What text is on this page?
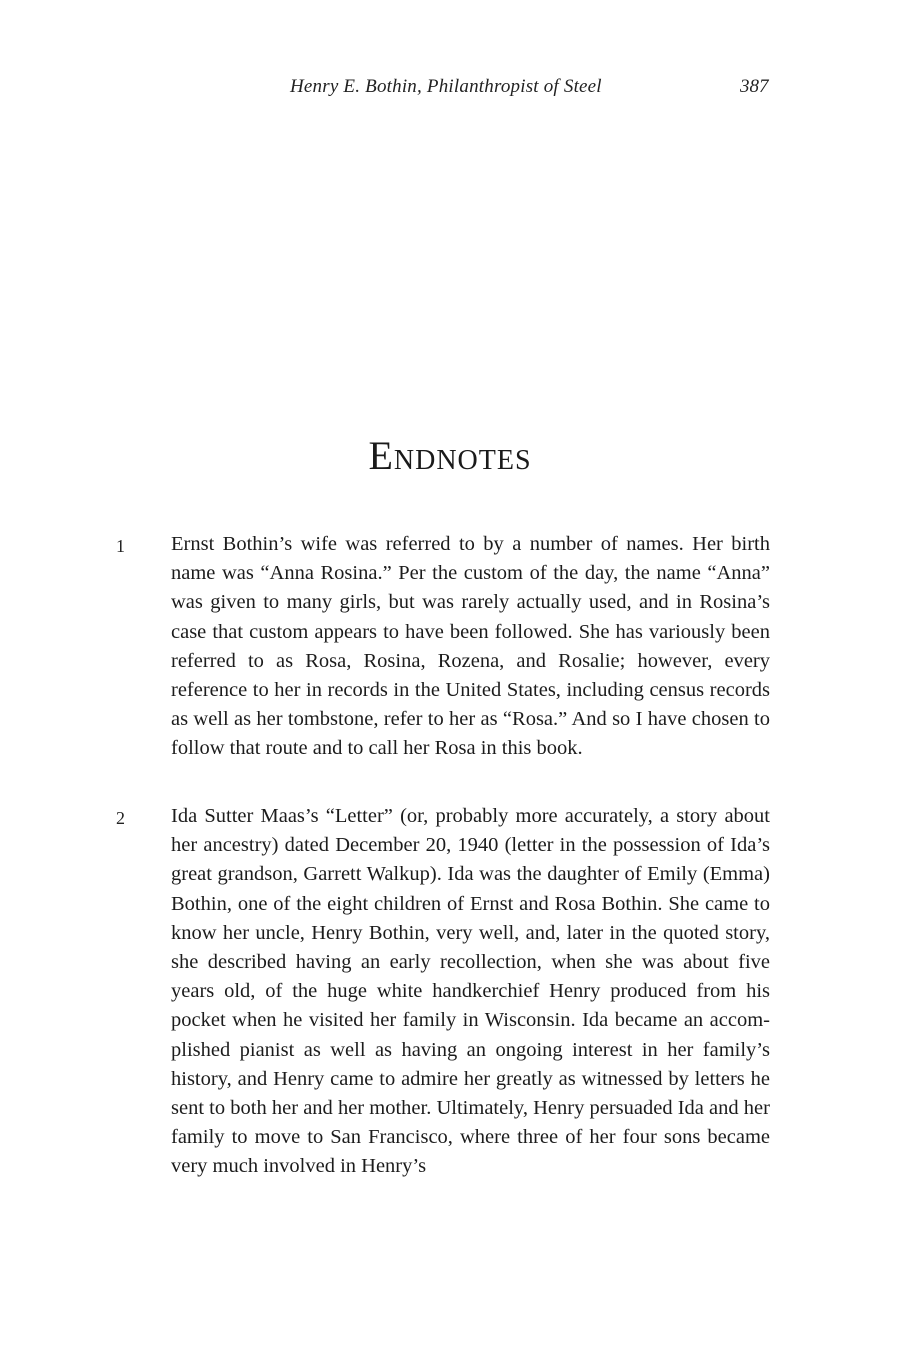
Henry E. Bothin, Philanthropist of Steel	387
Endnotes
1 Ernst Bothin’s wife was referred to by a number of names. Her birth name was “Anna Rosina.” Per the custom of the day, the name “Anna” was given to many girls, but was rarely actually used, and in Rosina’s case that custom appears to have been followed. She has variously been referred to as Rosa, Rosina, Rozena, and Rosalie; however, every reference to her in records in the United States, including census records as well as her tombstone, refer to her as “Rosa.” And so I have chosen to follow that route and to call her Rosa in this book.

2 Ida Sutter Maas’s “Letter” (or, probably more accurately, a story about her ancestry) dated December 20, 1940 (letter in the possession of Ida’s great grandson, Garrett Walkup). Ida was the daughter of Emily (Emma) Bothin, one of the eight children of Ernst and Rosa Bothin. She came to know her uncle, Henry Bothin, very well, and, later in the quoted story, she described having an early recollection, when she was about five years old, of the huge white handkerchief Henry produced from his pocket when he visited her family in Wisconsin. Ida became an accomplished pianist as well as having an ongoing interest in her family’s history, and Henry came to admire her greatly as witnessed by letters he sent to both her and her mother. Ultimately, Henry persuaded Ida and her family to move to San Francisco, where three of her four sons became very much involved in Henry’s
